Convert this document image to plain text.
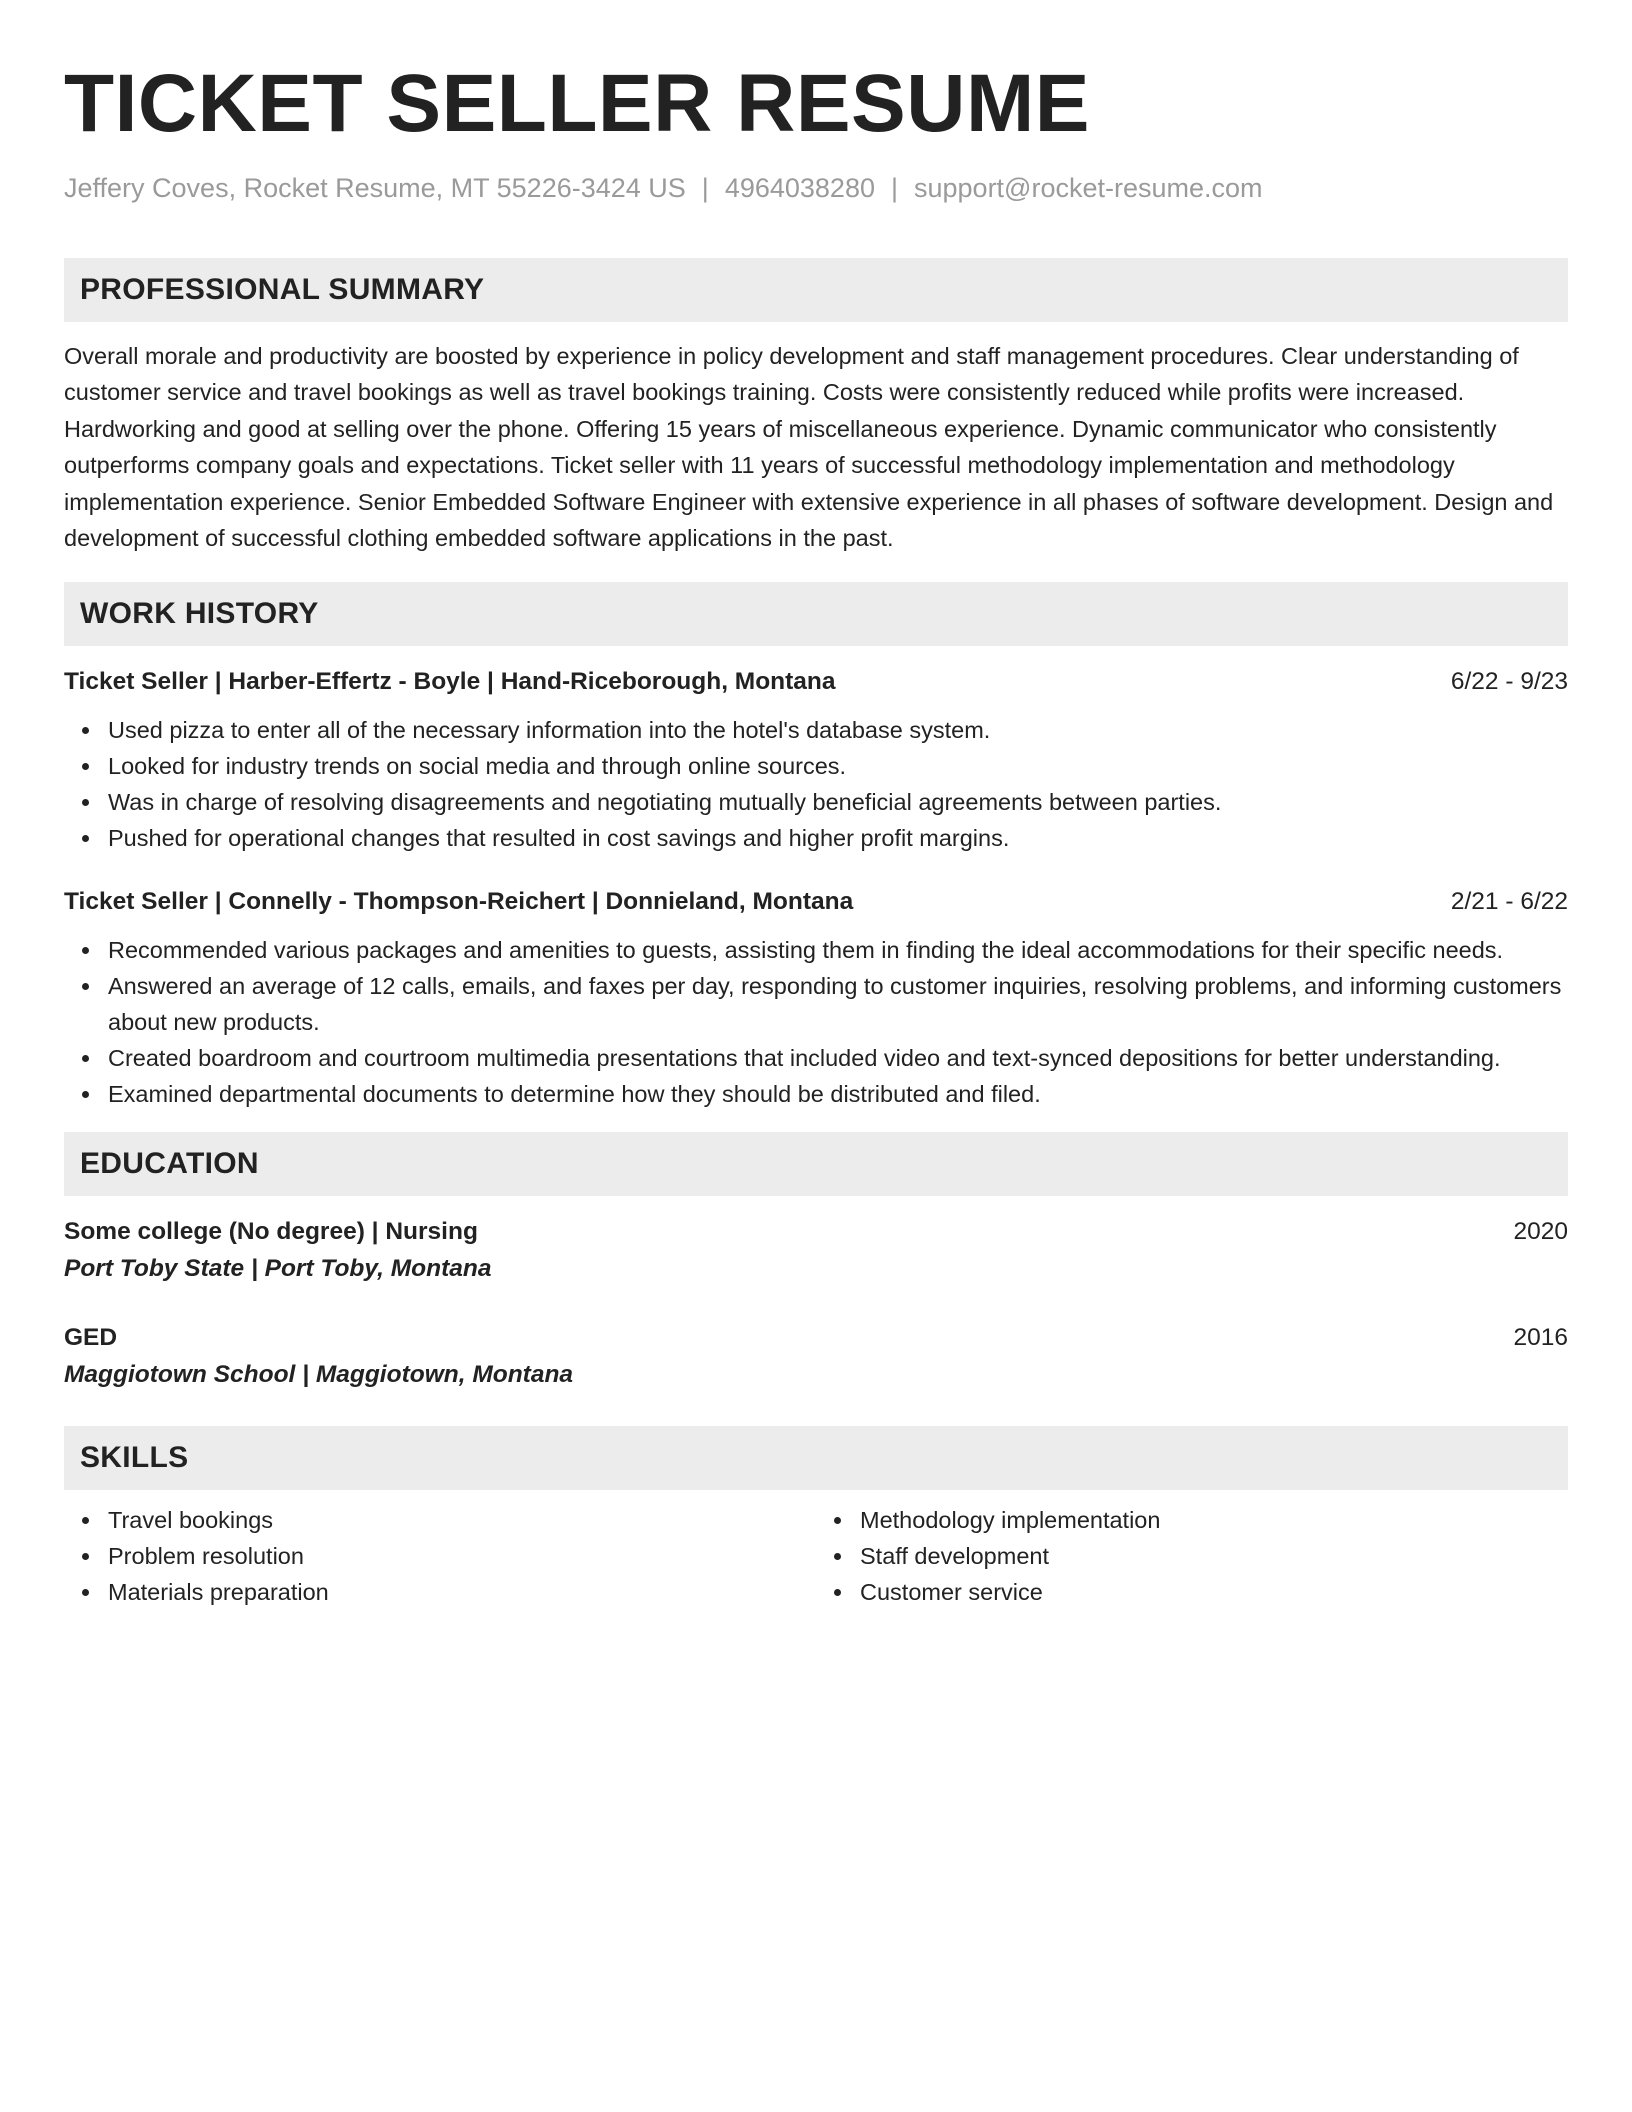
TICKET SELLER RESUME
Jeffery Coves, Rocket Resume, MT 55226-3424 US | 4964038280 | support@rocket-resume.com
PROFESSIONAL SUMMARY
Overall morale and productivity are boosted by experience in policy development and staff management procedures. Clear understanding of customer service and travel bookings as well as travel bookings training. Costs were consistently reduced while profits were increased. Hardworking and good at selling over the phone. Offering 15 years of miscellaneous experience. Dynamic communicator who consistently outperforms company goals and expectations. Ticket seller with 11 years of successful methodology implementation and methodology implementation experience. Senior Embedded Software Engineer with extensive experience in all phases of software development. Design and development of successful clothing embedded software applications in the past.
WORK HISTORY
Ticket Seller | Harber-Effertz - Boyle | Hand-Riceborough, Montana	6/22 - 9/23
Used pizza to enter all of the necessary information into the hotel's database system.
Looked for industry trends on social media and through online sources.
Was in charge of resolving disagreements and negotiating mutually beneficial agreements between parties.
Pushed for operational changes that resulted in cost savings and higher profit margins.
Ticket Seller | Connelly - Thompson-Reichert | Donnieland, Montana	2/21 - 6/22
Recommended various packages and amenities to guests, assisting them in finding the ideal accommodations for their specific needs.
Answered an average of 12 calls, emails, and faxes per day, responding to customer inquiries, resolving problems, and informing customers about new products.
Created boardroom and courtroom multimedia presentations that included video and text-synced depositions for better understanding.
Examined departmental documents to determine how they should be distributed and filed.
EDUCATION
Some college (No degree) | Nursing	2020
Port Toby State | Port Toby, Montana
GED	2016
Maggiotown School | Maggiotown, Montana
SKILLS
Travel bookings
Problem resolution
Materials preparation
Methodology implementation
Staff development
Customer service
